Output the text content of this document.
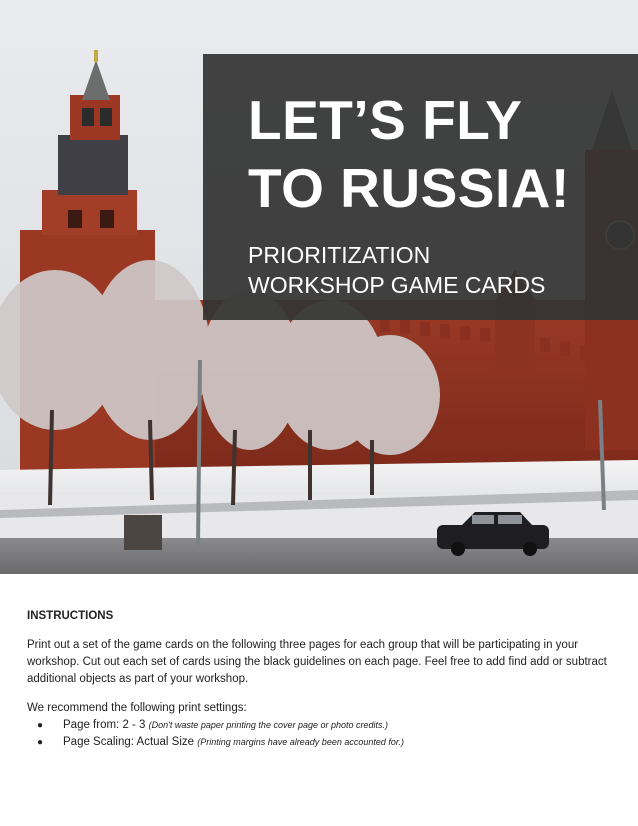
LET’S FLY
TO RUSSIA!
PRIORITIZATION
WORKSHOP GAME CARDS

INSTRUCTIONS

Print out a set of the game cards on the following three pages for each group that will be participating in your workshop. Cut out each set of cards using the black guidelines on each page. Feel free to add find add or subtract additional objects as part of your workshop.

We recommend the following print settings:

● Page from: 2 - 3 (Don't waste paper printing the cover page or photo credits.)
● Page Scaling: Actual Size (Printing margins have already been accounted for.)
